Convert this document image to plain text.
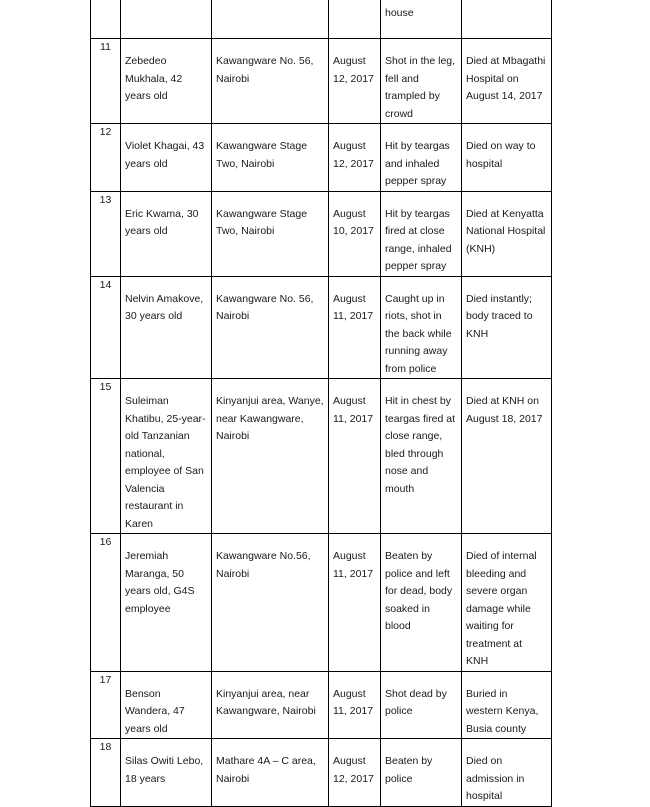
				house	
11	Zebedeo Mukhala, 42 years old	Kawangware No. 56, Nairobi	August 12, 2017	Shot in the leg, fell and trampled by crowd	Died at Mbagathi Hospital on August 14, 2017
12	Violet Khagai, 43 years old	Kawangware Stage Two, Nairobi	August 12, 2017	Hit by teargas and inhaled pepper spray	Died on way to hospital
13	Eric Kwama, 30 years old	Kawangware Stage Two, Nairobi	August 10, 2017	Hit by teargas fired at close range, inhaled pepper spray	Died at Kenyatta National Hospital (KNH)
14	Nelvin Amakove, 30 years old	Kawangware No. 56, Nairobi	August 11, 2017	Caught up in riots, shot in the back while running away from police	Died instantly; body traced to KNH
15	Suleiman Khatibu, 25-year-old Tanzanian national, employee of San Valencia restaurant in Karen	Kinyanjui area, Wanye, near Kawangware, Nairobi	August 11, 2017	Hit in chest by teargas fired at close range, bled through nose and mouth	Died at KNH on August 18, 2017
16	Jeremiah Maranga, 50 years old, G4S employee	Kawangware No.56, Nairobi	August 11, 2017	Beaten by police and left for dead, body soaked in blood	Died of internal bleeding and severe organ damage while waiting for treatment at KNH
17	Benson Wandera, 47 years old	Kinyanjui area, near Kawangware, Nairobi	August 11, 2017	Shot dead by police	Buried in western Kenya, Busia county
18	Silas Owiti Lebo, 18 years	Mathare 4A – C area, Nairobi	August 12, 2017	Beaten by police	Died on admission in hospital
